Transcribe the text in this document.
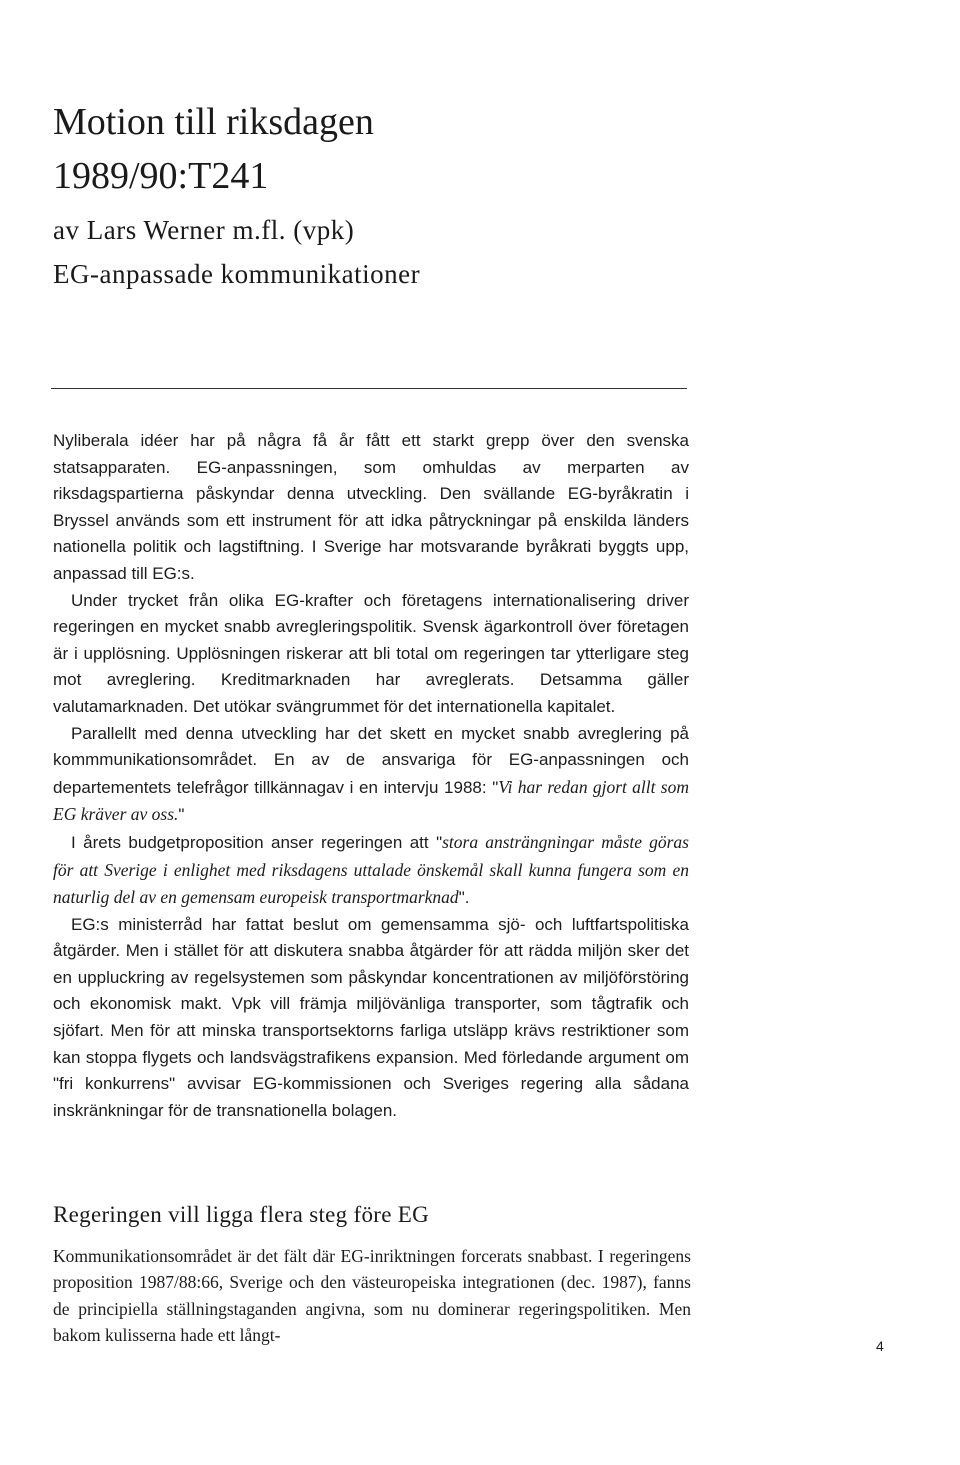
Motion till riksdagen
1989/90:T241
av Lars Werner m.fl. (vpk)
EG-anpassade kommunikationer

Nyliberala idéer har på några få år fått ett starkt grepp över den svenska statsapparaten. EG-anpassningen, som omhuldas av merparten av riksdagspartierna påskyndar denna utveckling. Den svällande EG-byråkratin i Bryssel används som ett instrument för att idka påtryckningar på enskilda länders nationella politik och lagstiftning. I Sverige har motsvarande byråkrati byggts upp, anpassad till EG:s.

Under trycket från olika EG-krafter och företagens internationalisering driver regeringen en mycket snabb avregleringspolitik. Svensk ägarkontroll över företagen är i upplösning. Upplösningen riskerar att bli total om regeringen tar ytterligare steg mot avreglering. Kreditmarknaden har avreglerats. Detsamma gäller valutamarknaden. Det utökar svängrummet för det internationella kapitalet.

Parallellt med denna utveckling har det skett en mycket snabb avreglering på kommmunikationsområdet. En av de ansvariga för EG-anpassningen och departementets telefrågor tillkännagav i en intervju 1988: "Vi har redan gjort allt som EG kräver av oss."

I årets budgetproposition anser regeringen att "stora ansträngningar måste göras för att Sverige i enlighet med riksdagens uttalade önskemål skall kunna fungera som en naturlig del av en gemensam europeisk transportmarknad".

EG:s ministerråd har fattat beslut om gemensamma sjö- och luftfartspolitiska åtgärder. Men i stället för att diskutera snabba åtgärder för att rädda miljön sker det en uppluckring av regelsystemen som påskyndar koncentrationen av miljöförstöring och ekonomisk makt. Vpk vill främja miljövänliga transporter, som tågtrafik och sjöfart. Men för att minska transportsektorns farliga utsläpp krävs restriktioner som kan stoppa flygets och landsvägstrafikens expansion. Med förledande argument om "fri konkurrens" avvisar EG-kommissionen och Sveriges regering alla sådana inskränkningar för de transnationella bolagen.

Regeringen vill ligga flera steg före EG

Kommunikationsområdet är det fält där EG-inriktningen forcerats snabbast. I regeringens proposition 1987/88:66, Sverige och den västeuropeiska integrationen (dec. 1987), fanns de principiella ställningstaganden angivna, som nu dominerar regeringspolitiken. Men bakom kulisserna hade ett långt-

4
